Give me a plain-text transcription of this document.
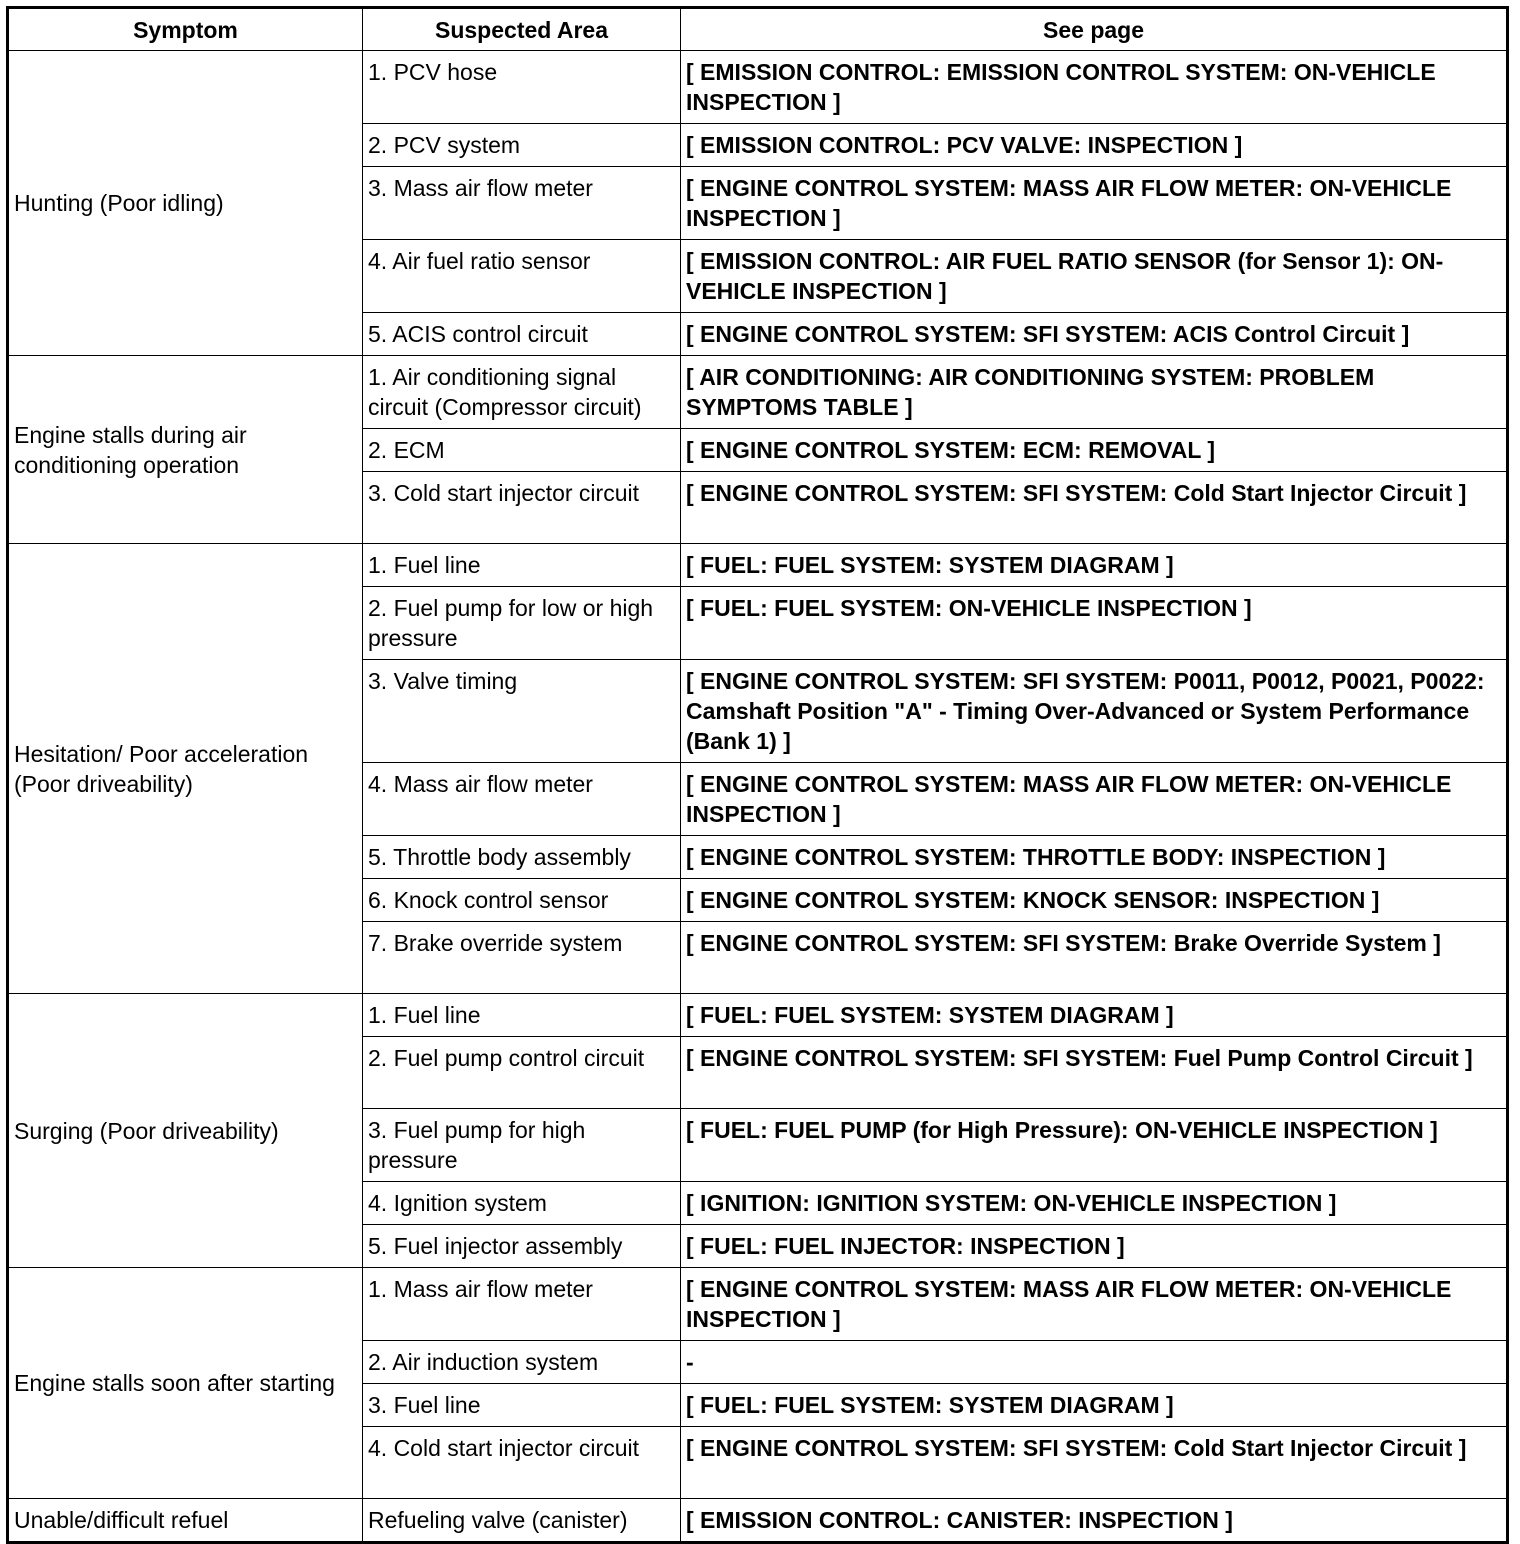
Symptom	Suspected Area	See page
Hunting (Poor idling)	1. PCV hose	[ EMISSION CONTROL: EMISSION CONTROL SYSTEM: ON-VEHICLE INSPECTION ]
	2. PCV system	[ EMISSION CONTROL: PCV VALVE: INSPECTION ]
	3. Mass air flow meter	[ ENGINE CONTROL SYSTEM: MASS AIR FLOW METER: ON-VEHICLE INSPECTION ]
	4. Air fuel ratio sensor	[ EMISSION CONTROL: AIR FUEL RATIO SENSOR (for Sensor 1): ON-VEHICLE INSPECTION ]
	5. ACIS control circuit	[ ENGINE CONTROL SYSTEM: SFI SYSTEM: ACIS Control Circuit ]
Engine stalls during air conditioning operation	1. Air conditioning signal circuit (Compressor circuit)	[ AIR CONDITIONING: AIR CONDITIONING SYSTEM: PROBLEM SYMPTOMS TABLE ]
	2. ECM	[ ENGINE CONTROL SYSTEM: ECM: REMOVAL ]
	3. Cold start injector circuit	[ ENGINE CONTROL SYSTEM: SFI SYSTEM: Cold Start Injector Circuit ]
Hesitation/ Poor acceleration (Poor driveability)	1. Fuel line	[ FUEL: FUEL SYSTEM: SYSTEM DIAGRAM ]
	2. Fuel pump for low or high pressure	[ FUEL: FUEL SYSTEM: ON-VEHICLE INSPECTION ]
	3. Valve timing	[ ENGINE CONTROL SYSTEM: SFI SYSTEM: P0011, P0012, P0021, P0022: Camshaft Position "A" - Timing Over-Advanced or System Performance (Bank 1) ]
	4. Mass air flow meter	[ ENGINE CONTROL SYSTEM: MASS AIR FLOW METER: ON-VEHICLE INSPECTION ]
	5. Throttle body assembly	[ ENGINE CONTROL SYSTEM: THROTTLE BODY: INSPECTION ]
	6. Knock control sensor	[ ENGINE CONTROL SYSTEM: KNOCK SENSOR: INSPECTION ]
	7. Brake override system	[ ENGINE CONTROL SYSTEM: SFI SYSTEM: Brake Override System ]
Surging (Poor driveability)	1. Fuel line	[ FUEL: FUEL SYSTEM: SYSTEM DIAGRAM ]
	2. Fuel pump control circuit	[ ENGINE CONTROL SYSTEM: SFI SYSTEM: Fuel Pump Control Circuit ]
	3. Fuel pump for high pressure	[ FUEL: FUEL PUMP (for High Pressure): ON-VEHICLE INSPECTION ]
	4. Ignition system	[ IGNITION: IGNITION SYSTEM: ON-VEHICLE INSPECTION ]
	5. Fuel injector assembly	[ FUEL: FUEL INJECTOR: INSPECTION ]
Engine stalls soon after starting	1. Mass air flow meter	[ ENGINE CONTROL SYSTEM: MASS AIR FLOW METER: ON-VEHICLE INSPECTION ]
	2. Air induction system	-
	3. Fuel line	[ FUEL: FUEL SYSTEM: SYSTEM DIAGRAM ]
	4. Cold start injector circuit	[ ENGINE CONTROL SYSTEM: SFI SYSTEM: Cold Start Injector Circuit ]
Unable/difficult refuel	Refueling valve (canister)	[ EMISSION CONTROL: CANISTER: INSPECTION ]
